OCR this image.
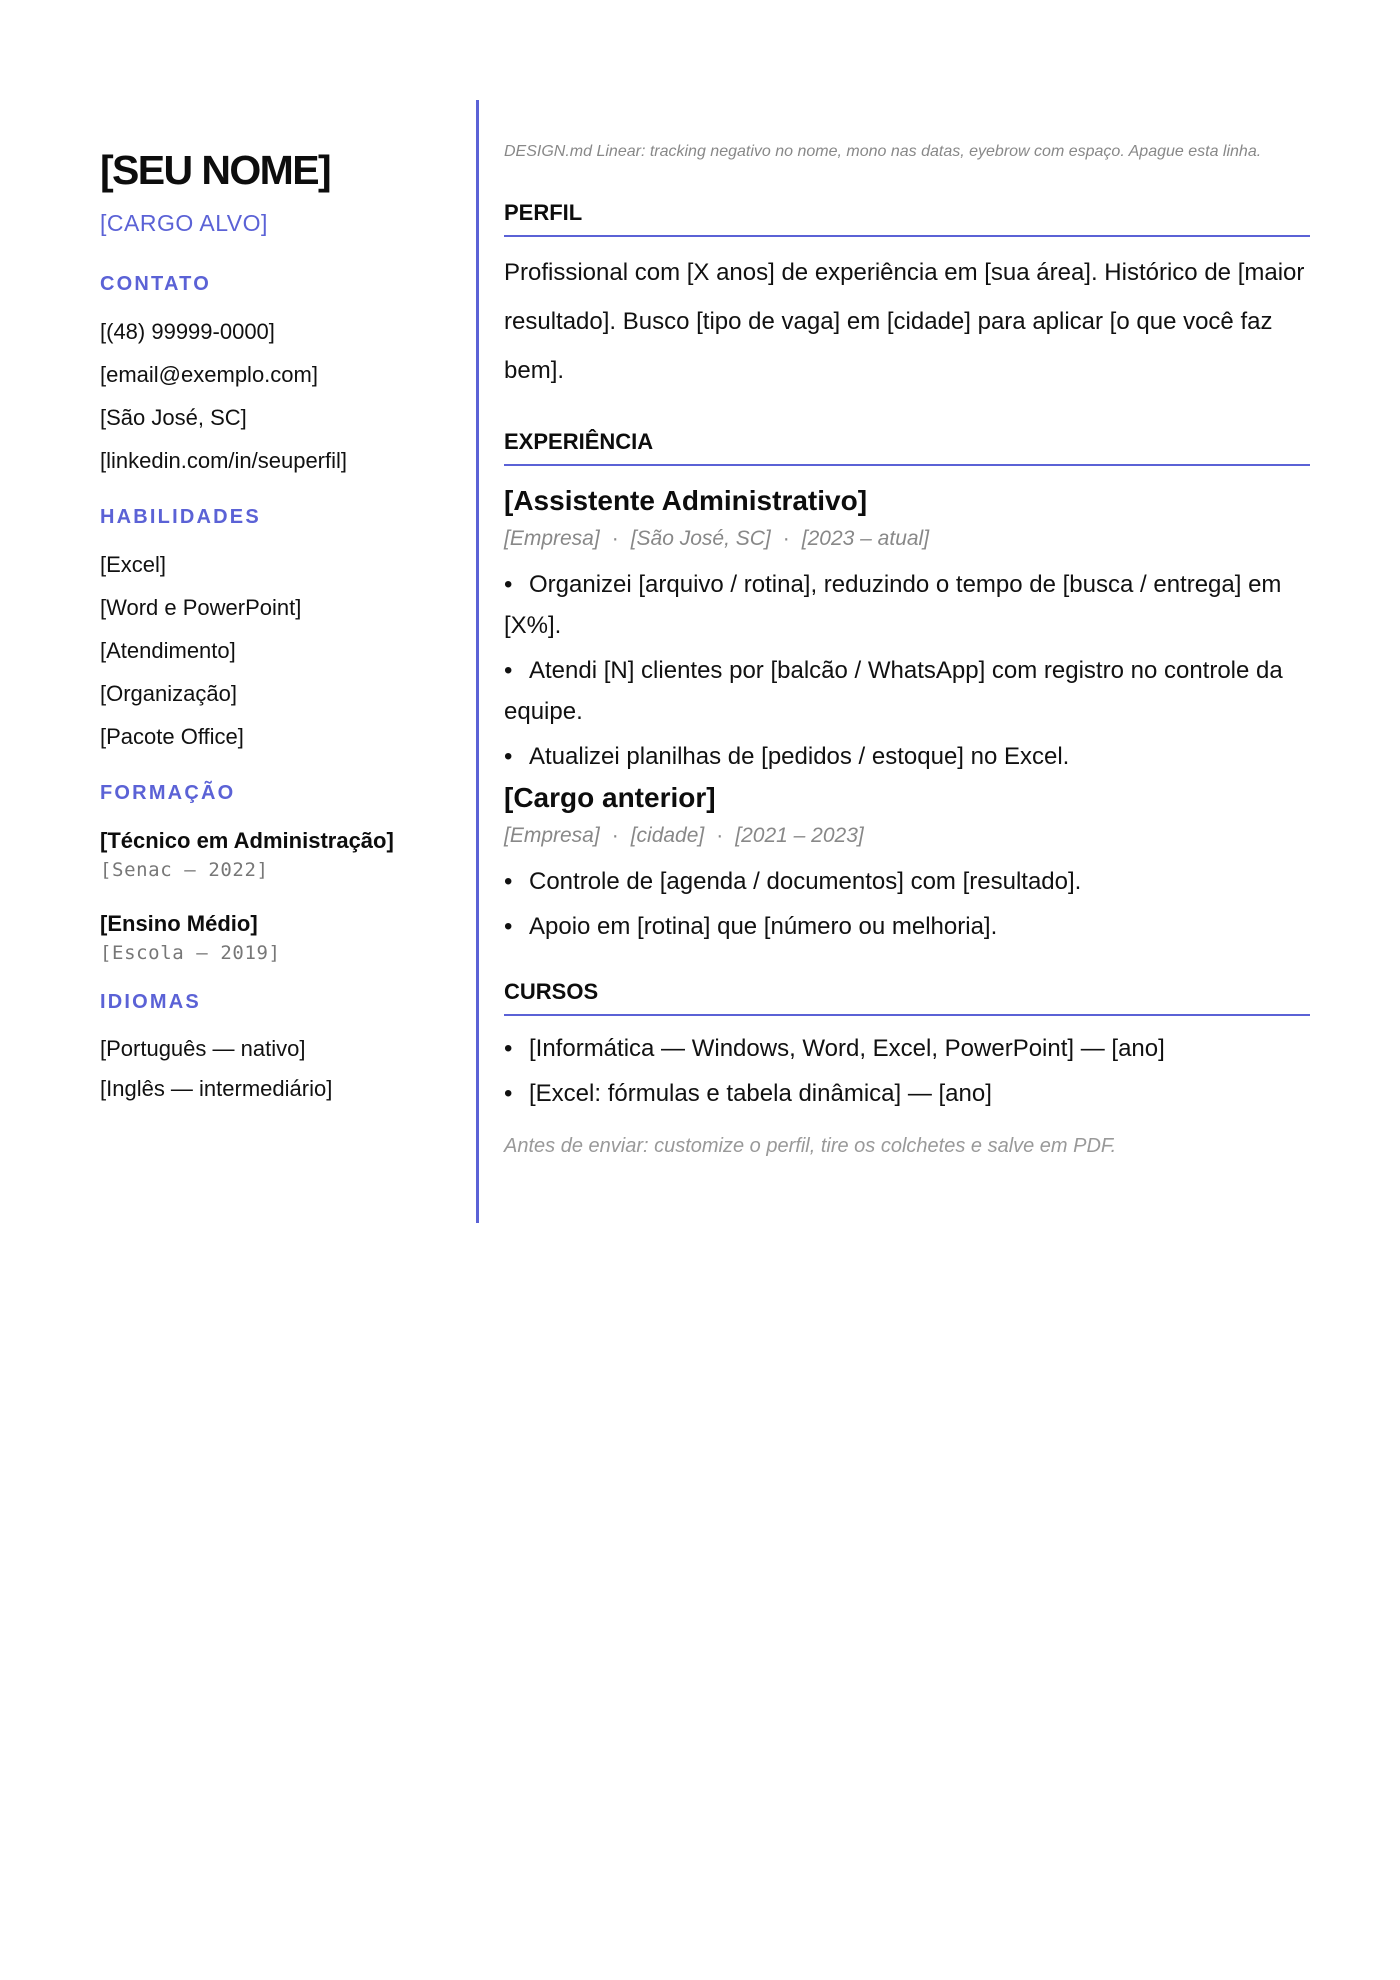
[SEU NOME]
[CARGO ALVO]
CONTATO
[(48) 99999-0000]
[email@exemplo.com]
[São José, SC]
[linkedin.com/in/seuperfil]
HABILIDADES
[Excel]
[Word e PowerPoint]
[Atendimento]
[Organização]
[Pacote Office]
FORMAÇÃO
[Técnico em Administração]
[Senac — 2022]
[Ensino Médio]
[Escola — 2019]
IDIOMAS
[Português — nativo]
[Inglês — intermediário]

DESIGN.md Linear: tracking negativo no nome, mono nas datas, eyebrow com espaço. Apague esta linha.

PERFIL

Profissional com [X anos] de experiência em [sua área]. Histórico de [maior resultado]. Busco [tipo de vaga] em [cidade] para aplicar [o que você faz bem].

EXPERIÊNCIA
[Assistente Administrativo]
[Empresa] · [São José, SC] · [2023 – atual]
• Organizei [arquivo / rotina], reduzindo o tempo de [busca / entrega] em [X%].
• Atendi [N] clientes por [balcão / WhatsApp] com registro no controle da equipe.
• Atualizei planilhas de [pedidos / estoque] no Excel.
[Cargo anterior]
[Empresa] · [cidade] · [2021 – 2023]
• Controle de [agenda / documentos] com [resultado].
• Apoio em [rotina] que [número ou melhoria].
CURSOS
• [Informática — Windows, Word, Excel, PowerPoint] — [ano]
• [Excel: fórmulas e tabela dinâmica] — [ano]

Antes de enviar: customize o perfil, tire os colchetes e salve em PDF.
